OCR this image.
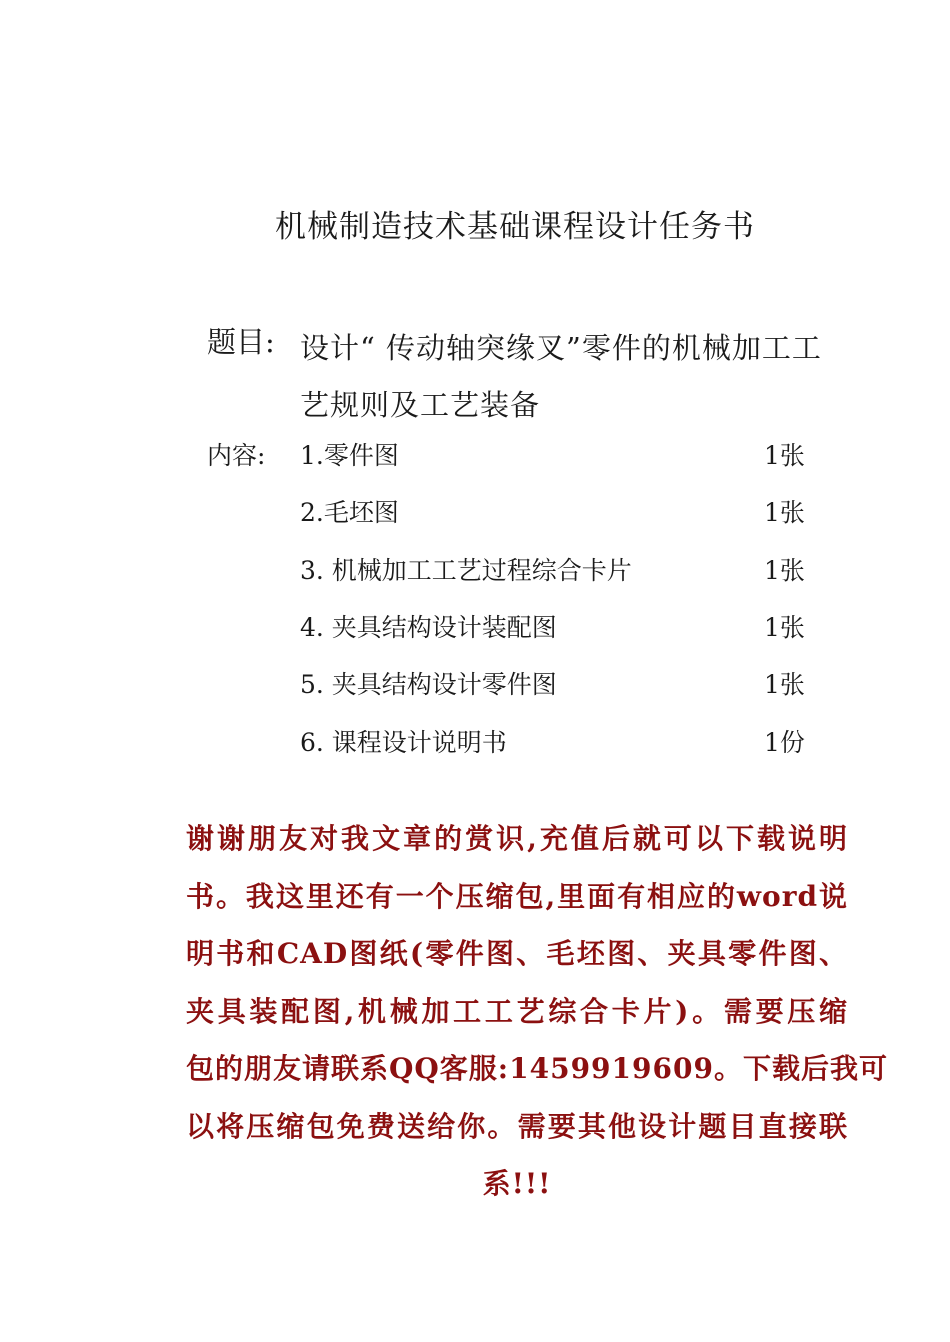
机械制造技术基础课程设计任务书
题目: 设计“ 传动轴突缘叉”零件的机械加工工
艺规则及工艺装备
内容: 1.零件图	1张
2.毛坯图	1张
3. 机械加工工艺过程综合卡片	1张
4. 夹具结构设计装配图	1张
5. 夹具结构设计零件图	1张
6. 课程设计说明书	1份
谢谢朋友对我文章的赏识,充值后就可以下载说明
书。我这里还有一个压缩包,里面有相应的word说
明书和CAD图纸(零件图、毛坯图、夹具零件图、
夹具装配图,机械加工工艺综合卡片)。需要压缩
包的朋友请联系QQ客服:1459919609。下载后我可
以将压缩包免费送给你。需要其他设计题目直接联
系!!!
